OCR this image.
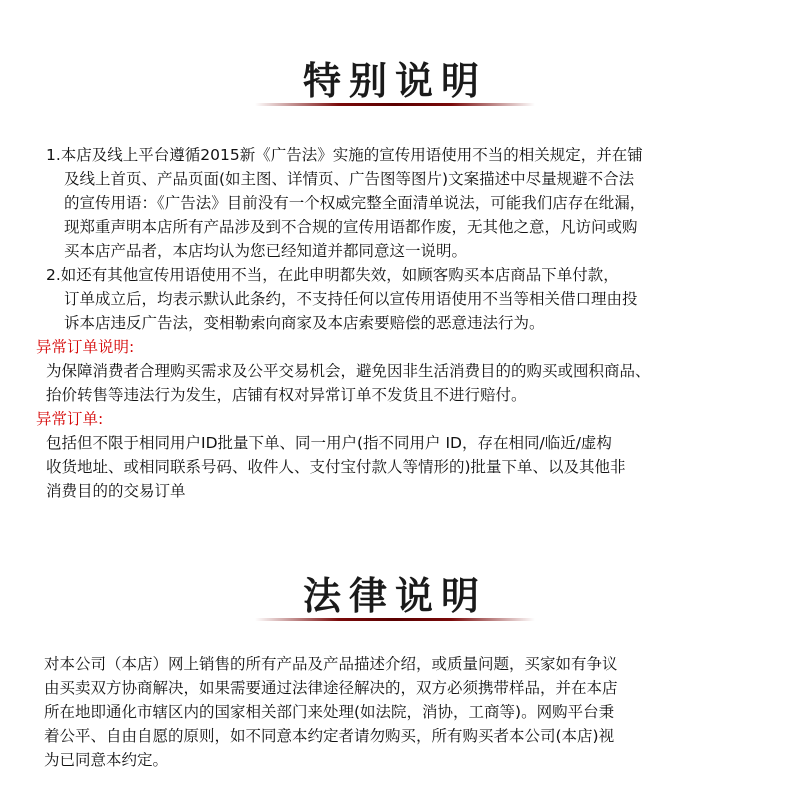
特别说明
1.本店及线上平台遵循2015新《广告法》实施的宣传用语使用不当的相关规定，并在铺
及线上首页、产品页面(如主图、详情页、广告图等图片)文案描述中尽量规避不合法
的宣传用语：《广告法》目前没有一个权威完整全面清单说法，可能我们店存在纰漏，
现郑重声明本店所有产品涉及到不合规的宣传用语都作废，无其他之意，凡访问或购
买本店产品者，本店均认为您已经知道并都同意这一说明。
2.如还有其他宣传用语使用不当，在此申明都失效，如顾客购买本店商品下单付款，
订单成立后，均表示默认此条约，不支持任何以宣传用语使用不当等相关借口理由投
诉本店违反广告法，变相勒索向商家及本店索要赔偿的恶意违法行为。
异常订单说明:
为保障消费者合理购买需求及公平交易机会，避免因非生活消费目的的购买或囤积商品、
抬价转售等违法行为发生，店铺有权对异常订单不发货且不进行赔付。
异常订单:
包括但不限于相同用户ID批量下单、同一用户(指不同用户 ID，存在相同/临近/虚构
收货地址、或相同联系号码、收件人、支付宝付款人等情形的)批量下单、以及其他非
消费目的的交易订单
法律说明
对本公司（本店）网上销售的所有产品及产品描述介绍，或质量问题，买家如有争议
由买卖双方协商解决，如果需要通过法律途径解决的，双方必须携带样品，并在本店
所在地即通化市辖区内的国家相关部门来处理(如法院，消协，工商等)。网购平台秉
着公平、自由自愿的原则，如不同意本约定者请勿购买，所有购买者本公司(本店)视
为已同意本约定。
